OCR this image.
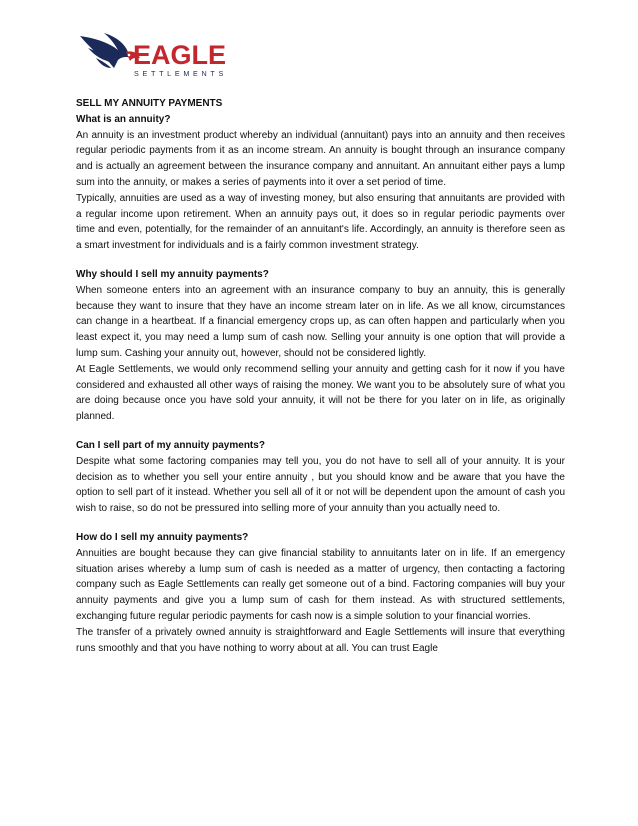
EAGLE
SETTLEMENTS

SELL MY ANNUITY PAYMENTS

What is an annuity?

An annuity is an investment product whereby an individual (annuitant) pays into an annuity and then receives regular periodic payments from it as an income stream. An annuity is bought through an insurance company and is actually an agreement between the insurance company and annuitant. An annuitant either pays a lump sum into the annuity, or makes a series of payments into it over a set period of time.

Typically, annuities are used as a way of investing money, but also ensuring that annuitants are provided with a regular income upon retirement. When an annuity pays out, it does so in regular periodic payments over time and even, potentially, for the remainder of an annuitant's life. Accordingly, an annuity is therefore seen as a smart investment for individuals and is a fairly common investment strategy.

Why should I sell my annuity payments?

When someone enters into an agreement with an insurance company to buy an annuity, this is generally because they want to insure that they have an income stream later on in life. As we all know, circumstances can change in a heartbeat. If a financial emergency crops up, as can often happen and particularly when you least expect it, you may need a lump sum of cash now. Selling your annuity is one option that will provide a lump sum. Cashing your annuity out, however, should not be considered lightly.

At Eagle Settlements, we would only recommend selling your annuity and getting cash for it now if you have considered and exhausted all other ways of raising the money. We want you to be absolutely sure of what you are doing because once you have sold your annuity, it will not be there for you later on in life, as originally planned.

Can I sell part of my annuity payments?

Despite what some factoring companies may tell you, you do not have to sell all of your annuity. It is your decision as to whether you sell your entire annuity , but you should know and be aware that you have the option to sell part of it instead. Whether you sell all of it or not will be dependent upon the amount of cash you wish to raise, so do not be pressured into selling more of your annuity than you actually need to.

How do I sell my annuity payments?

Annuities are bought because they can give financial stability to annuitants later on in life. If an emergency situation arises whereby a lump sum of cash is needed as a matter of urgency, then contacting a factoring company such as Eagle Settlements can really get someone out of a bind. Factoring companies will buy your annuity payments and give you a lump sum of cash for them instead. As with structured settlements, exchanging future regular periodic payments for cash now is a simple solution to your financial worries.

The transfer of a privately owned annuity is straightforward and Eagle Settlements will insure that everything runs smoothly and that you have nothing to worry about at all. You can trust Eagle
